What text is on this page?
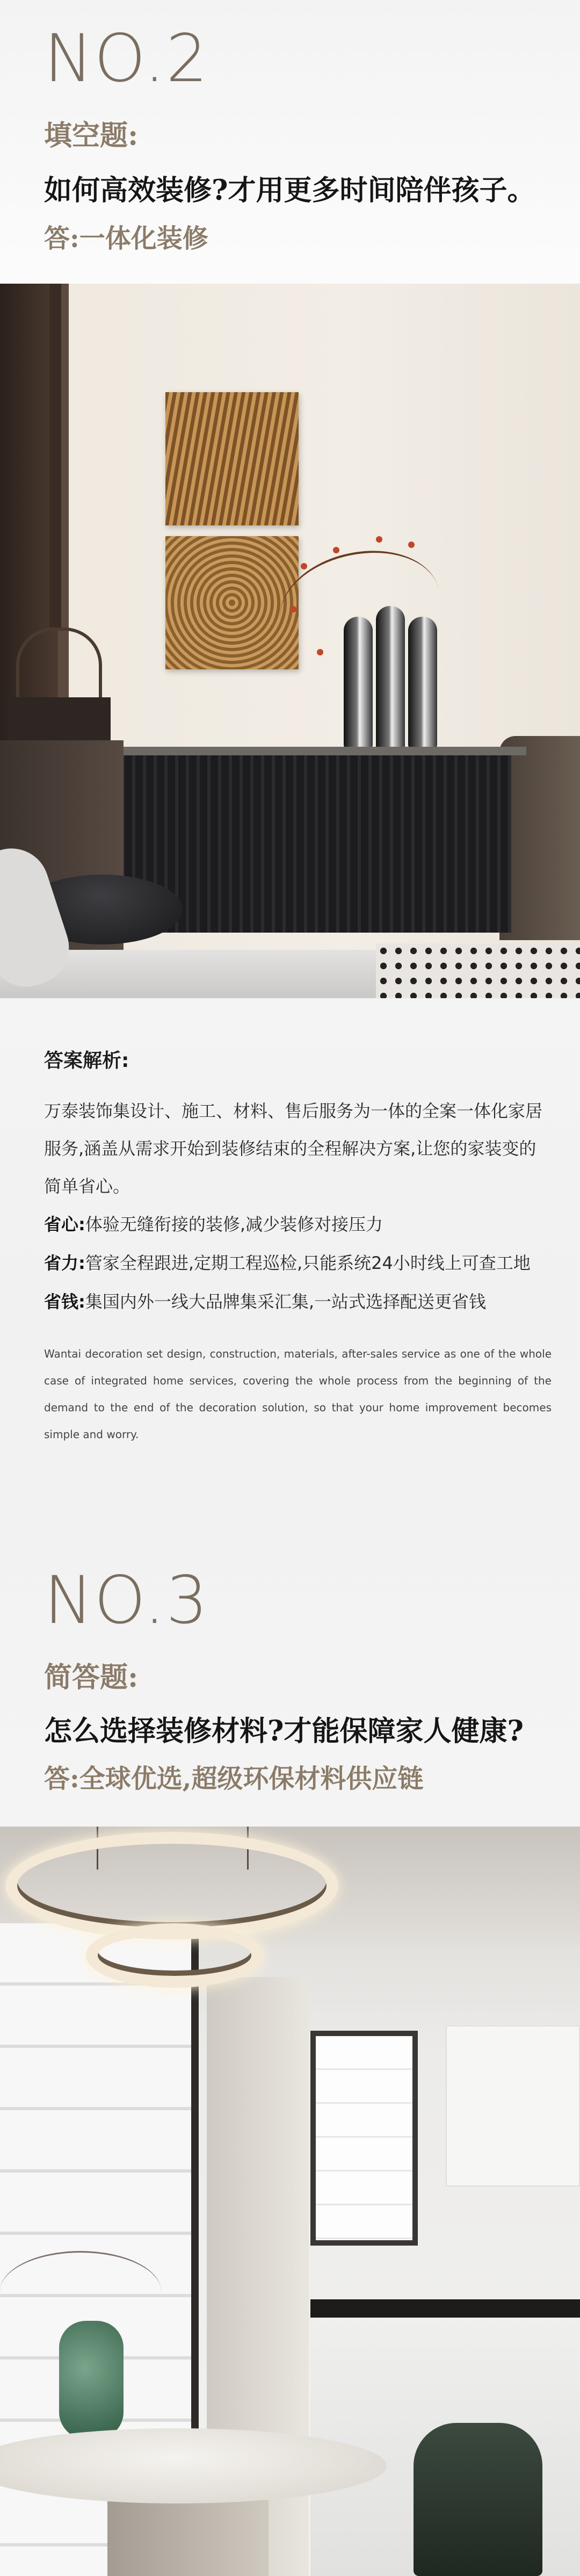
NO.2
填空题:
如何高效装修?才用更多时间陪伴孩子。
答:一体化装修
答案解析:

万泰装饰集设计、施工、材料、售后服务为一体的全案一体化家居服务,涵盖从需求开始到装修结束的全程解决方案,让您的家装变的简单省心。

省心:体验无缝衔接的装修,减少装修对接压力

省力:管家全程跟进,定期工程巡检,只能系统24小时线上可查工地

省钱:集国内外一线大品牌集采汇集,一站式选择配送更省钱

Wantai decoration set design, construction, materials, after-sales service as one of the whole case of integrated home services, covering the whole process from the beginning of the demand to the end of the decoration solution, so that your home improvement becomes simple and worry.

NO.3
简答题:
怎么选择装修材料?才能保障家人健康?
答:全球优选,超级环保材料供应链
